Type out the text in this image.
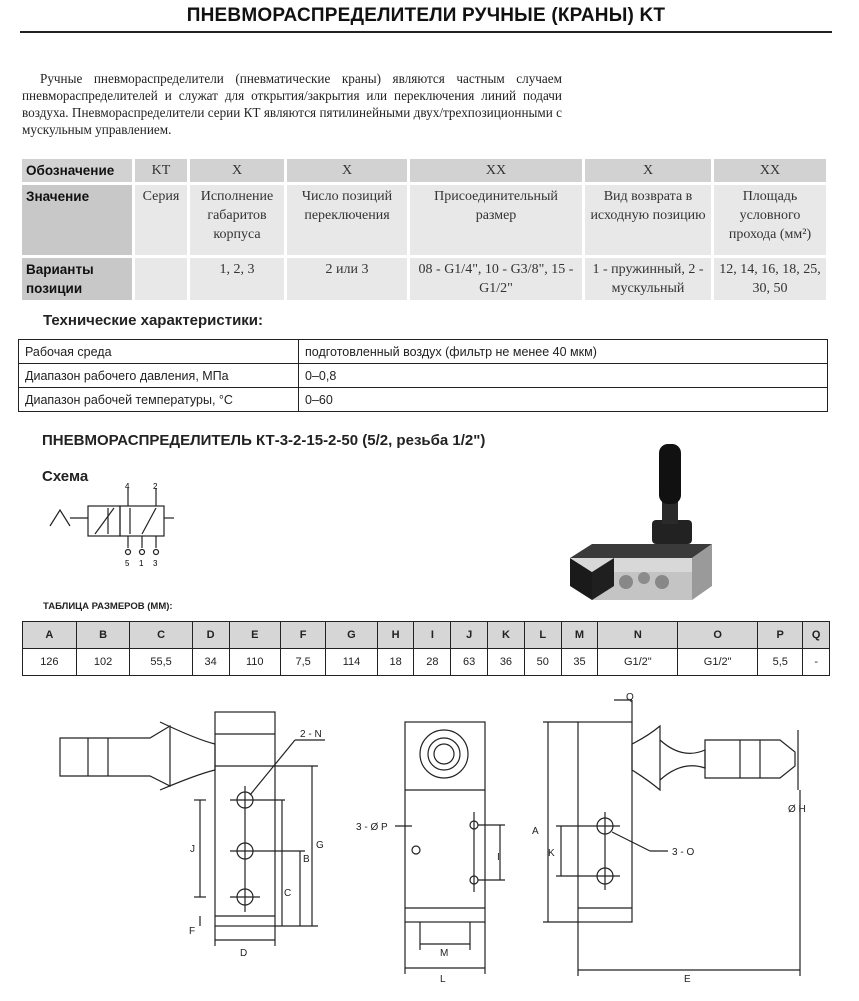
ПНЕВМОРАСПРЕДЕЛИТЕЛИ РУЧНЫЕ (КРАНЫ) KT

Ручные пневмораспределители (пневматические краны) являются частным случаем пневмораспределителей и служат для открытия/закрытия или переключения линий подачи воздуха. Пневмораспределители серии КТ являются пятилинейными двух/трехпозиционными с мускульным управлением.

Обозначение	KT	X	X	XX	X	XX
Значение	Серия	Исполнение габаритов корпуса	Число позиций переключения	Присоединительный размер	Вид возврата в исходную позицию	Площадь условного прохода (мм²)
Варианты позиции		1, 2, 3	2 или 3	08 - G1/4", 10 - G3/8", 15 - G1/2"	1 - пружинный, 2 - мускульный	12, 14, 16, 18, 25, 30, 50
Технические характеристики:
Рабочая среда	подготовленный воздух (фильтр не менее 40 мкм)
Диапазон рабочего давления, МПа	0–0,8
Диапазон рабочей температуры, °С	0–60
ПНЕВМОРАСПРЕДЕЛИТЕЛЬ КТ-3-2-15-2-50 (5/2, резьба 1/2")
Схема
4	2
5 1 3
ТАБЛИЦА РАЗМЕРОВ (ММ):
A	B	C	D	E	F	G	H	I	J	K	L	M	N	O	P	Q
126	102	55,5	34	110	7,5	114	18	28	63	36	50	35	G1/2"	G1/2"	5,5	-
2 - N
J
B
G
C
F
D
3 - Ø P
Q
I
M
L
A
K	3 - O
Ø H
E
